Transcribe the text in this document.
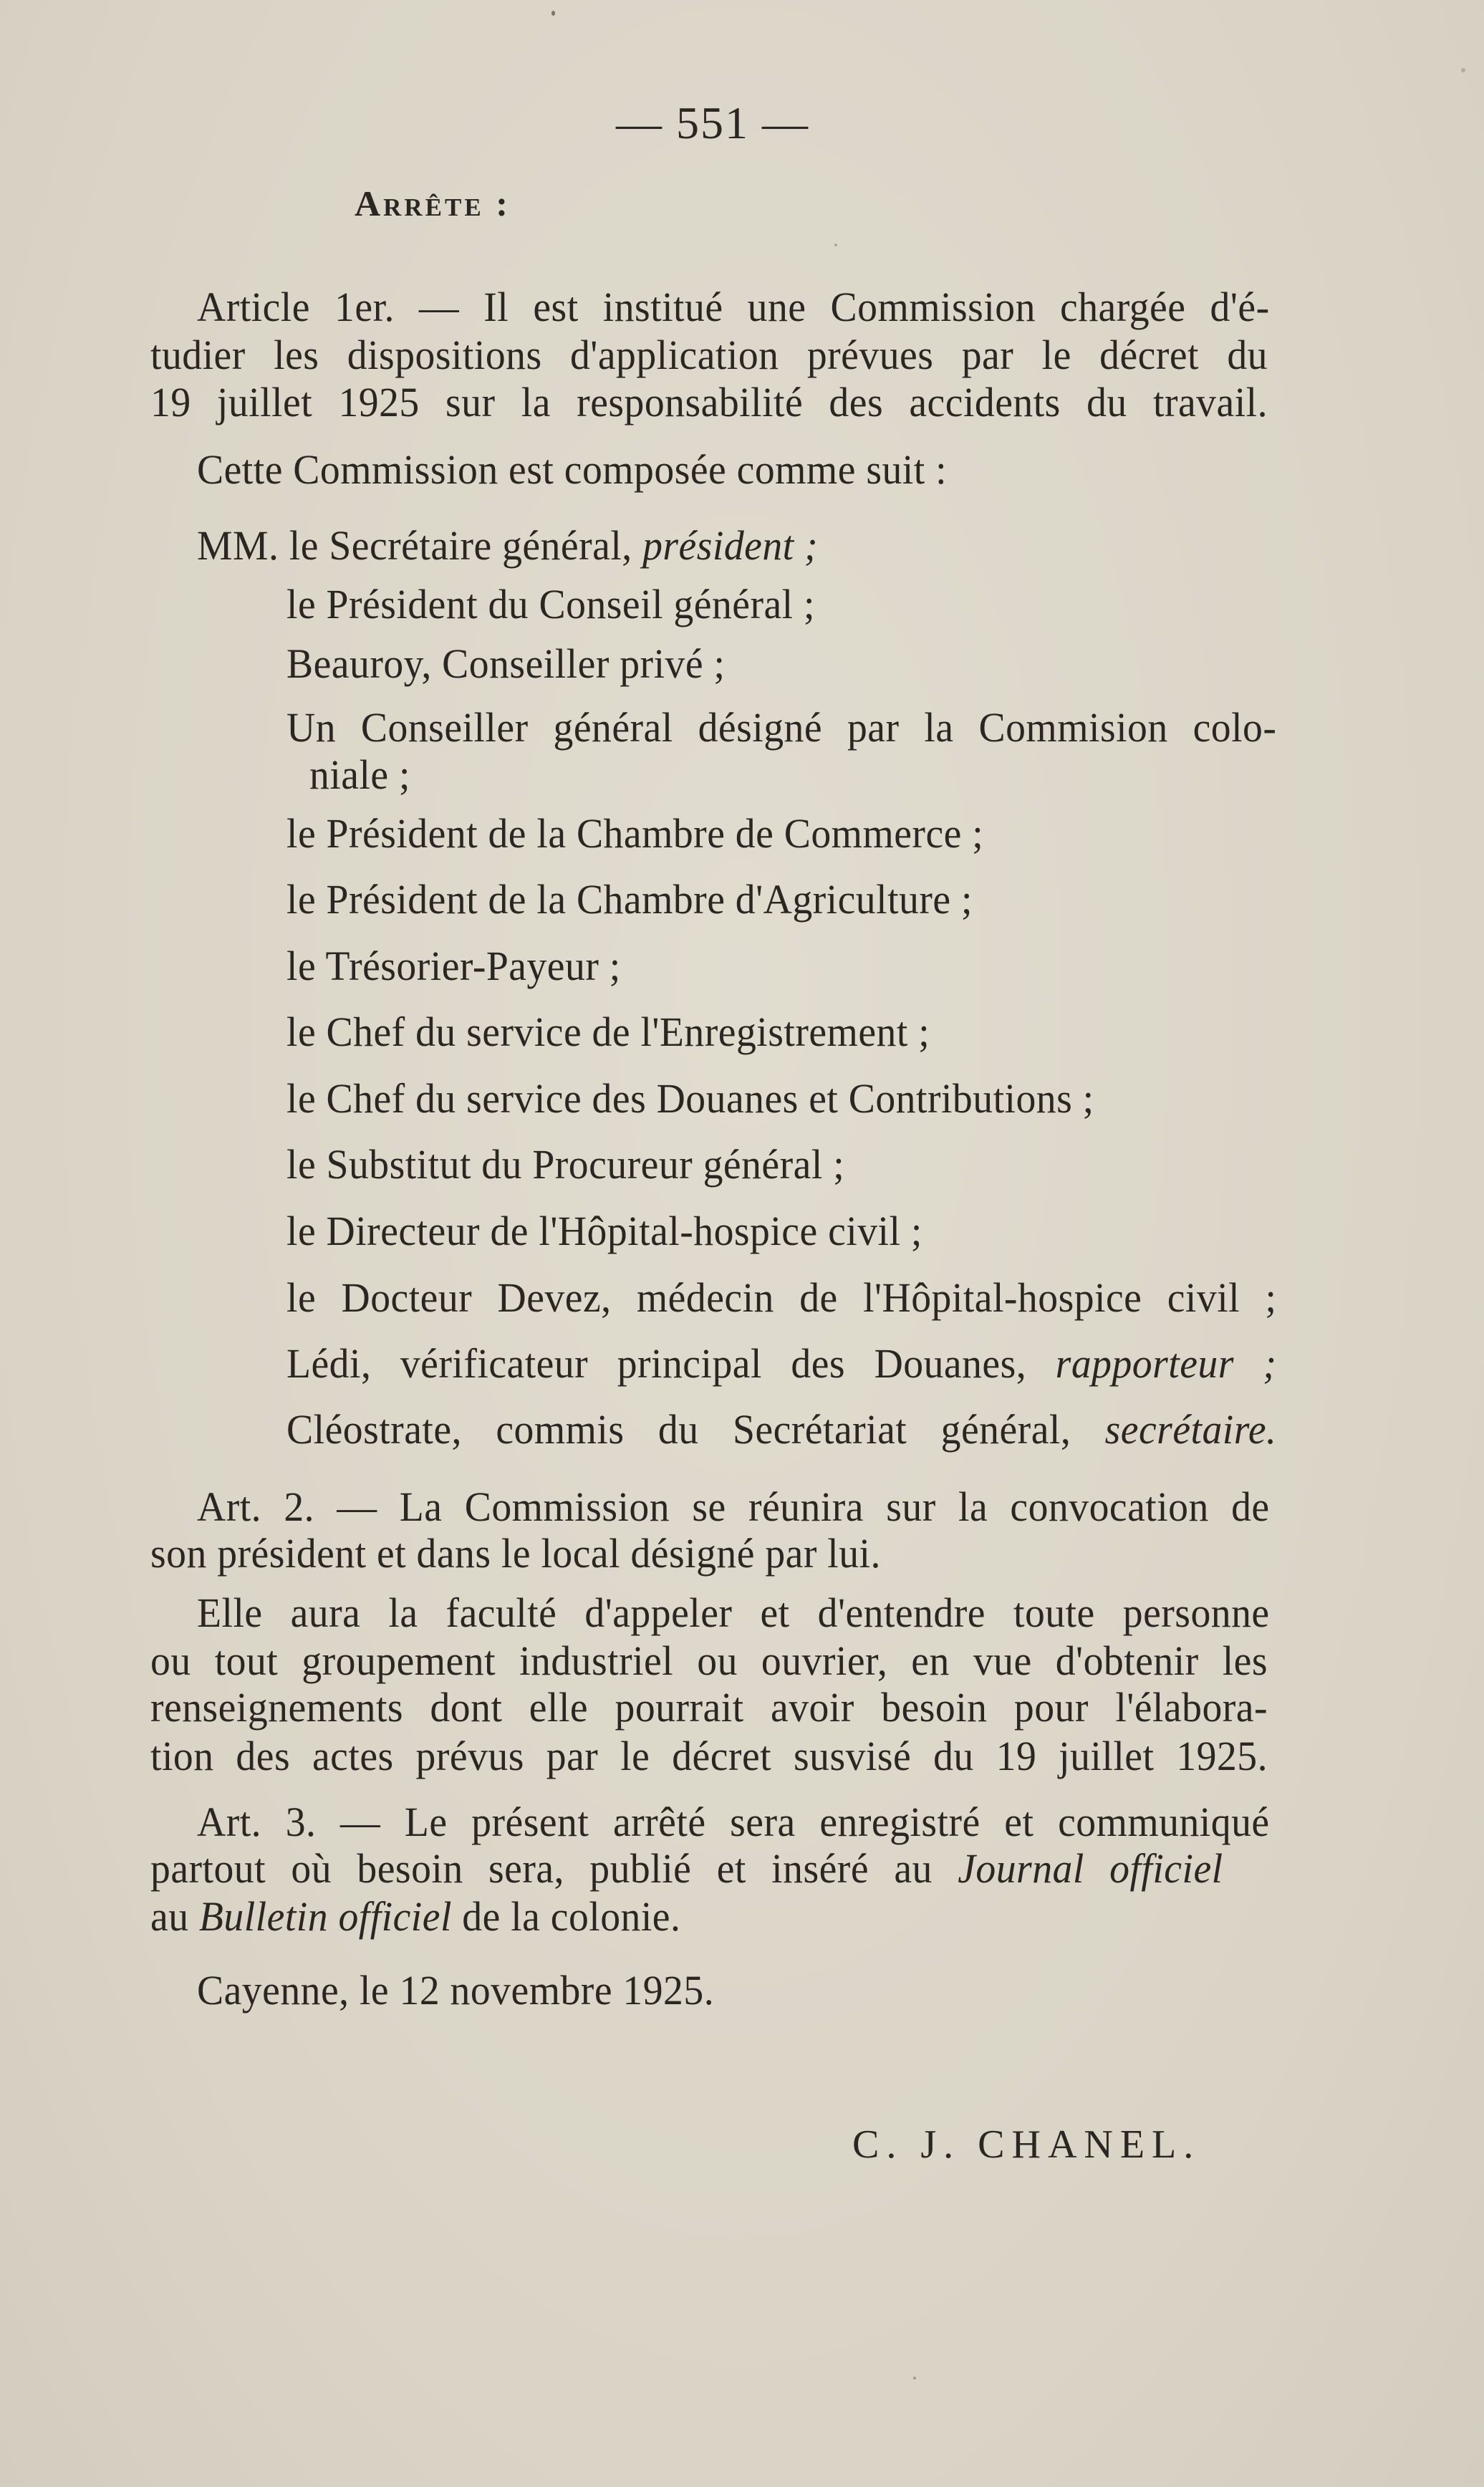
— 551 —
Arrête :
Article 1er. — Il est institué une Commission chargée d'é-
tudier les dispositions d'application prévues par le décret du
19 juillet 1925 sur la responsabilité des accidents du travail.
Cette Commission est composée comme suit :
MM. le Secrétaire général, président ;
le Président du Conseil général ;
Beauroy, Conseiller privé ;
Un Conseiller général désigné par la Commision colo-
niale ;
le Président de la Chambre de Commerce ;
le Président de la Chambre d'Agriculture ;
le Trésorier-Payeur ;
le Chef du service de l'Enregistrement ;
le Chef du service des Douanes et Contributions ;
le Substitut du Procureur général ;
le Directeur de l'Hôpital-hospice civil ;
le Docteur Devez, médecin de l'Hôpital-hospice civil ;
Lédi, vérificateur principal des Douanes, rapporteur ;
Cléostrate, commis du Secrétariat général, secrétaire.
Art. 2. — La Commission se réunira sur la convocation de
son président et dans le local désigné par lui.
Elle aura la faculté d'appeler et d'entendre toute personne
ou tout groupement industriel ou ouvrier, en vue d'obtenir les
renseignements dont elle pourrait avoir besoin pour l'élabora-
tion des actes prévus par le décret susvisé du 19 juillet 1925.
Art. 3. — Le présent arrêté sera enregistré et communiqué
partout où besoin sera, publié et inséré au Journal officiel
au Bulletin officiel de la colonie.
Cayenne, le 12 novembre 1925.
C. J. CHANEL.
